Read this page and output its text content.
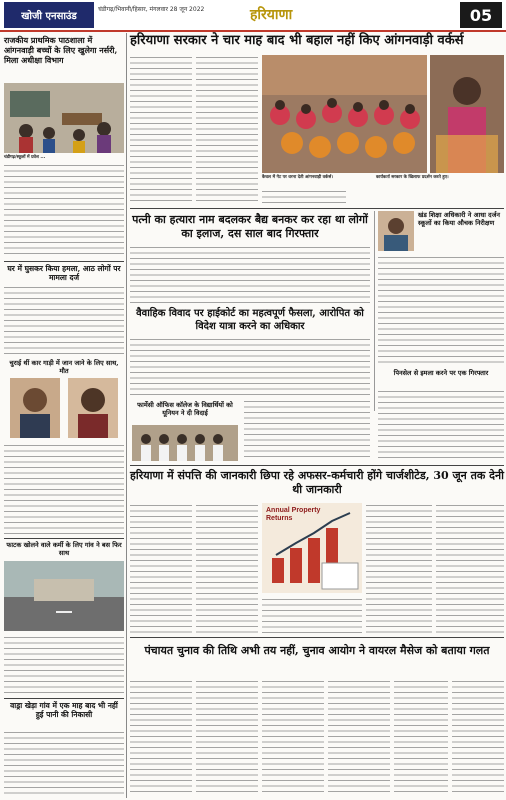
खोजी एनसाउंड
चंडीगढ़/भिवानी/हिसार, मंगलवार 28 जून 2022	हरियाणा	05
राजकीय प्राथमिक पाठशाला में आंगनवाड़ी बच्चों के लिए खुलेगा नर्सरी, मिला अधीक्षा विभाग
चंडीगढ़/स्कूलों में प्रवेश ...
घर में घुसकर किया हमला, आठ लोगों पर मामला दर्ज
चुराई थीं कार गाड़ी में जान जाने के लिए साथ, मौत
फाटक खोलने वाले कर्मी के लिए गांव ने बस फिर साथ
वाड्रा खेड़ा गांव में एक माह बाद भी नहीं हुई पानी की निकासी
हरियाणा सरकार ने चार माह बाद भी बहाल नहीं किए आंगनवाड़ी वर्कर्स
कैथल में गेट पर धरना देती आंगनवाड़ी वर्कर्स।	कार्यकर्ता सरकार के खिलाफ प्रदर्शन करते हुए।
पत्नी का हत्यारा नाम बदलकर बैद्य बनकर कर रहा था लोगों का इलाज, दस साल बाद गिरफ्तार
खंड शिक्षा अधिकारी ने आधा दर्जन स्कूलों का किया औचक निरीक्षण
वैवाहिक विवाद पर हाईकोर्ट का महत्वपूर्ण फैसला, आरोपित को विदेश यात्रा करने का अधिकार
पिनसेल से इमला करने पर एक गिरफ्तार
फार्मेसी ऑफिस कॉलेज के विद्यार्थियों को यूनियन ने दी विदाई
हरियाणा में संपत्ति की जानकारी छिपा रहे अफसर-कर्मचारी होंगे चार्जशीटेड, 30 जून तक देनी थी जानकारी
Annual Property Returns
पंचायत चुनाव की तिथि अभी तय नहीं, चुनाव आयोग ने वायरल मैसेज को बताया गलत
